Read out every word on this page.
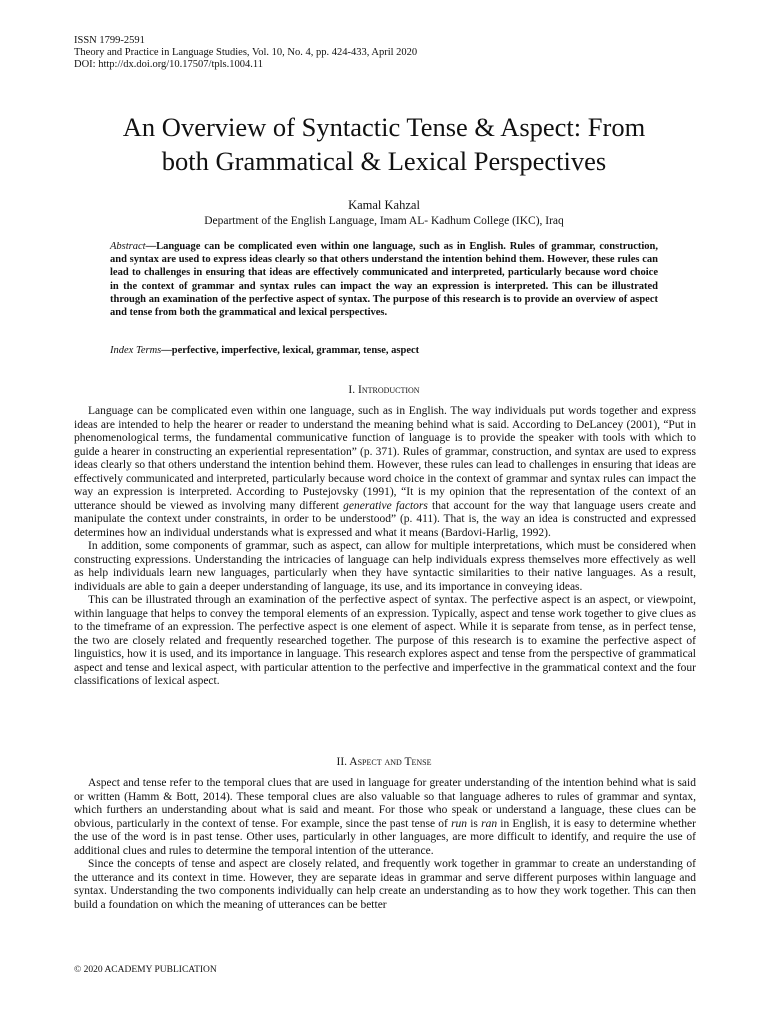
ISSN 1799-2591
Theory and Practice in Language Studies, Vol. 10, No. 4, pp. 424-433, April 2020
DOI: http://dx.doi.org/10.17507/tpls.1004.11
An Overview of Syntactic Tense & Aspect: From
both Grammatical & Lexical Perspectives
Kamal Kahzal
Department of the English Language, Imam AL- Kadhum College (IKC), Iraq
Abstract—Language can be complicated even within one language, such as in English. Rules of grammar, construction, and syntax are used to express ideas clearly so that others understand the intention behind them. However, these rules can lead to challenges in ensuring that ideas are effectively communicated and interpreted, particularly because word choice in the context of grammar and syntax rules can impact the way an expression is interpreted. This can be illustrated through an examination of the perfective aspect of syntax. The purpose of this research is to provide an overview of aspect and tense from both the grammatical and lexical perspectives.
Index Terms—perfective, imperfective, lexical, grammar, tense, aspect
I. Introduction

Language can be complicated even within one language, such as in English. The way individuals put words together and express ideas are intended to help the hearer or reader to understand the meaning behind what is said. According to DeLancey (2001), “Put in phenomenological terms, the fundamental communicative function of language is to provide the speaker with tools with which to guide a hearer in constructing an experiential representation” (p. 371). Rules of grammar, construction, and syntax are used to express ideas clearly so that others understand the intention behind them. However, these rules can lead to challenges in ensuring that ideas are effectively communicated and interpreted, particularly because word choice in the context of grammar and syntax rules can impact the way an expression is interpreted. According to Pustejovsky (1991), “It is my opinion that the representation of the context of an utterance should be viewed as involving many different generative factors that account for the way that language users create and manipulate the context under constraints, in order to be understood” (p. 411). That is, the way an idea is constructed and expressed determines how an individual understands what is expressed and what it means (Bardovi-Harlig, 1992).

In addition, some components of grammar, such as aspect, can allow for multiple interpretations, which must be considered when constructing expressions. Understanding the intricacies of language can help individuals express themselves more effectively as well as help individuals learn new languages, particularly when they have syntactic similarities to their native languages. As a result, individuals are able to gain a deeper understanding of language, its use, and its importance in conveying ideas.

This can be illustrated through an examination of the perfective aspect of syntax. The perfective aspect is an aspect, or viewpoint, within language that helps to convey the temporal elements of an expression. Typically, aspect and tense work together to give clues as to the timeframe of an expression. The perfective aspect is one element of aspect. While it is separate from tense, as in perfect tense, the two are closely related and frequently researched together. The purpose of this research is to examine the perfective aspect of linguistics, how it is used, and its importance in language. This research explores aspect and tense from the perspective of grammatical aspect and tense and lexical aspect, with particular attention to the perfective and imperfective in the grammatical context and the four classifications of lexical aspect.

II. Aspect and Tense

Aspect and tense refer to the temporal clues that are used in language for greater understanding of the intention behind what is said or written (Hamm & Bott, 2014). These temporal clues are also valuable so that language adheres to rules of grammar and syntax, which furthers an understanding about what is said and meant. For those who speak or understand a language, these clues can be obvious, particularly in the context of tense. For example, since the past tense of run is ran in English, it is easy to determine whether the use of the word is in past tense. Other uses, particularly in other languages, are more difficult to identify, and require the use of additional clues and rules to determine the temporal intention of the utterance.

Since the concepts of tense and aspect are closely related, and frequently work together in grammar to create an understanding of the utterance and its context in time. However, they are separate ideas in grammar and serve different purposes within language and syntax. Understanding the two components individually can help create an understanding as to how they work together. This can then build a foundation on which the meaning of utterances can be better

© 2020 ACADEMY PUBLICATION
